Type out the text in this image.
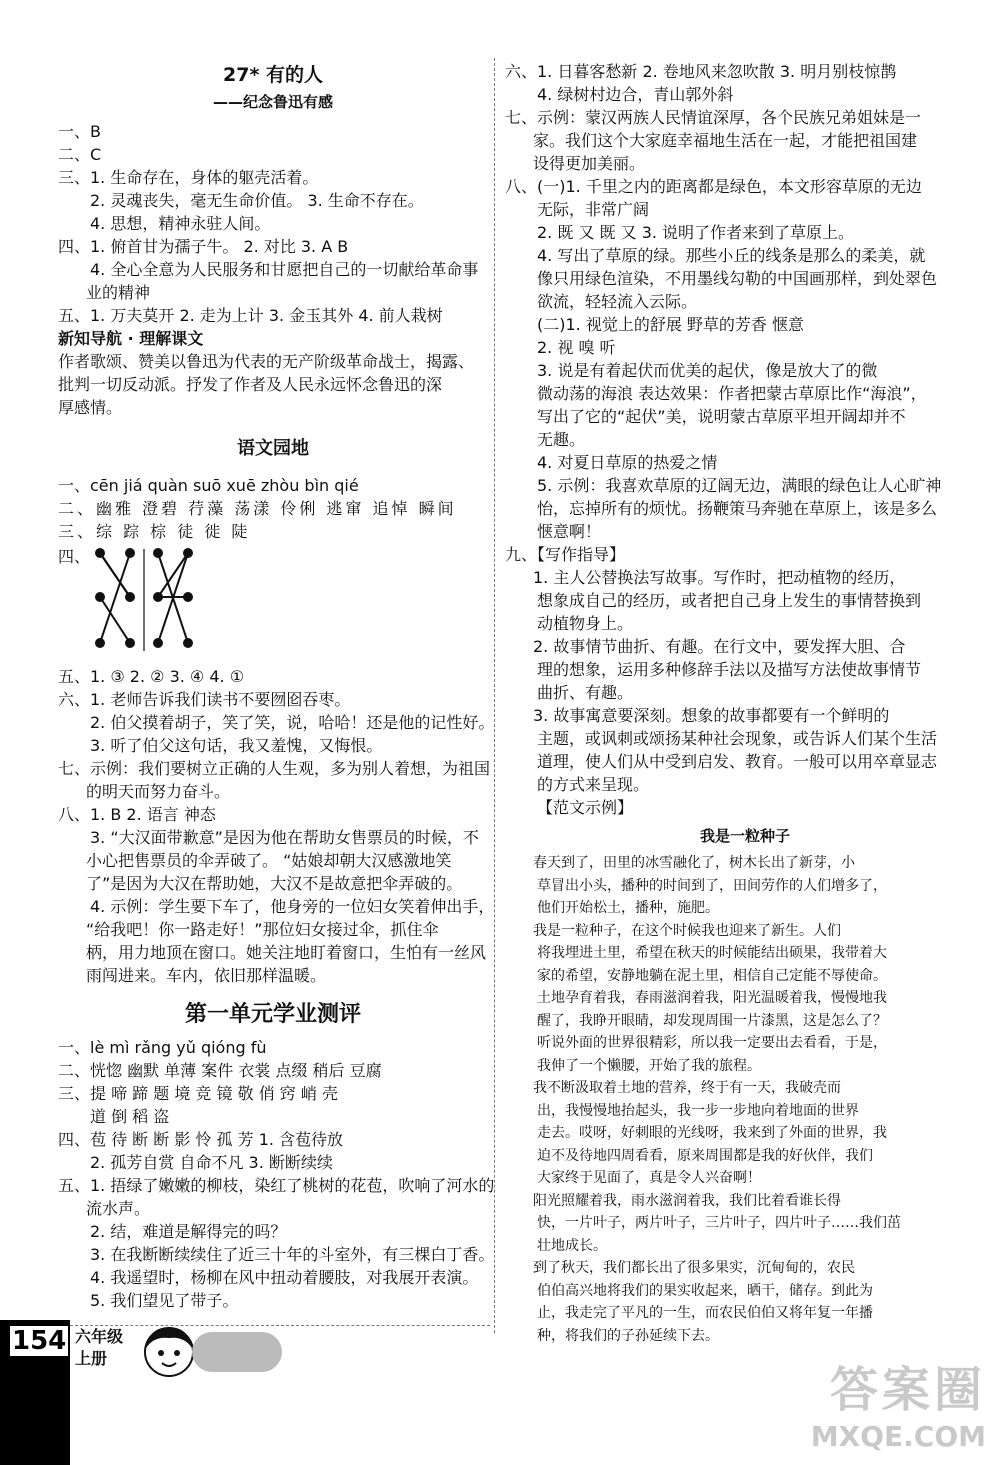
27* 有的人
——纪念鲁迅有感
一、B
二、C
三、1. 生命存在，身体的躯壳活着。
2. 灵魂丧失，毫无生命价值。 3. 生命不存在。
4. 思想，精神永驻人间。
四、1. 俯首甘为孺子牛。 2. 对比 3. A B
4. 全心全意为人民服务和甘愿把自己的一切献给革命事
业的精神
五、1. 万夫莫开 2. 走为上计 3. 金玉其外 4. 前人栽树
新知导航 · 理解课文
作者歌颂、赞美以鲁迅为代表的无产阶级革命战士，揭露、
批判一切反动派。抒发了作者及人民永远怀念鲁迅的深
厚感情。
语文园地
一、cēn jiá quàn suō xuē zhòu bìn qié
二、幽雅 澄碧 荇藻 荡漾 伶俐 逃窜 追悼 瞬间
三、综 踪 棕 徒 徙 陡
四、
五、1. ③ 2. ② 3. ④ 4. ①
六、1. 老师告诉我们读书不要囫囵吞枣。
2. 伯父摸着胡子，笑了笑，说，哈哈！还是他的记性好。
3. 听了伯父这句话，我又羞愧，又悔恨。
七、示例：我们要树立正确的人生观，多为别人着想，为祖国
的明天而努力奋斗。
八、1. B 2. 语言 神态
3. “大汉面带歉意”是因为他在帮助女售票员的时候，不
小心把售票员的伞弄破了。 “姑娘却朝大汉感激地笑
了”是因为大汉在帮助她，大汉不是故意把伞弄破的。
4. 示例：学生要下车了，他身旁的一位妇女笑着伸出手，
“给我吧！你一路走好！”那位妇女接过伞，抓住伞
柄，用力地顶在窗口。她关注地盯着窗口，生怕有一丝风
雨闯进来。车内，依旧那样温暖。
第一单元学业测评
一、lè mì rǎng yǔ qióng fù
二、恍惚 幽默 单薄 案件 衣裳 点缀 稍后 豆腐
三、提 啼 蹄 题 境 竞 镜 敬 俏 窍 峭 壳
道 倒 稻 盗
四、苞 待 断 断 影 怜 孤 芳 1. 含苞待放
2. 孤芳自赏 自命不凡 3. 断断续续
五、1. 捂绿了嫩嫩的柳枝，染红了桃树的花苞，吹响了河水的
流水声。
2. 结，难道是解得完的吗？
3. 在我断断续续住了近三十年的斗室外，有三棵白丁香。
4. 我遥望时，杨柳在风中扭动着腰肢，对我展开表演。
5. 我们望见了带子。
六、1. 日暮客愁新 2. 卷地风来忽吹散 3. 明月别枝惊鹊
4. 绿树村边合，青山郭外斜
七、示例：蒙汉两族人民情谊深厚，各个民族兄弟姐妹是一
家。我们这个大家庭幸福地生活在一起，才能把祖国建
设得更加美丽。
八、(一)1. 千里之内的距离都是绿色，本文形容草原的无边
无际，非常广阔
2. 既 又 既 又 3. 说明了作者来到了草原上。
4. 写出了草原的绿。那些小丘的线条是那么的柔美，就
像只用绿色渲染，不用墨线勾勒的中国画那样，到处翠色
欲流，轻轻流入云际。
(二)1. 视觉上的舒展 野草的芳香 惬意
2. 视 嗅 听
3. 说是有着起伏而优美的起伏，像是放大了的微
微动荡的海浪 表达效果：作者把蒙古草原比作“海浪”，
写出了它的“起伏”美，说明蒙古草原平坦开阔却并不
无趣。
4. 对夏日草原的热爱之情
5. 示例：我喜欢草原的辽阔无边，满眼的绿色让人心旷神
怡，忘掉所有的烦忧。扬鞭策马奔驰在草原上，该是多么
惬意啊！
九、【写作指导】
1. 主人公替换法写故事。写作时，把动植物的经历，
想象成自己的经历，或者把自己身上发生的事情替换到
动植物身上。
2. 故事情节曲折、有趣。在行文中，要发挥大胆、合
理的想象，运用多种修辞手法以及描写方法使故事情节
曲折、有趣。
3. 故事寓意要深刻。想象的故事都要有一个鲜明的
主题，或讽刺或颂扬某种社会现象，或告诉人们某个生活
道理，使人们从中受到启发、教育。一般可以用卒章显志
的方式来呈现。
【范文示例】
我是一粒种子
春天到了，田里的冰雪融化了，树木长出了新芽，小
草冒出小头，播种的时间到了，田间劳作的人们增多了，
他们开始松土，播种，施肥。
我是一粒种子，在这个时候我也迎来了新生。人们
将我埋进土里，希望在秋天的时候能结出硕果，我带着大
家的希望，安静地躺在泥土里，相信自己定能不辱使命。
土地孕育着我，春雨滋润着我，阳光温暖着我，慢慢地我
醒了，我睁开眼睛，却发现周围一片漆黑，这是怎么了？
听说外面的世界很精彩，所以我一定要出去看看，于是，
我伸了一个懒腰，开始了我的旅程。
我不断汲取着土地的营养，终于有一天，我破壳而
出，我慢慢地抬起头，我一步一步地向着地面的世界
走去。哎呀，好刺眼的光线呀，我来到了外面的世界，我
迫不及待地四周看看，原来周围都是我的好伙伴，我们
大家终于见面了，真是令人兴奋啊！
阳光照耀着我，雨水滋润着我，我们比着看谁长得
快，一片叶子，两片叶子，三片叶子，四片叶子……我们茁
壮地成长。
到了秋天，我们都长出了很多果实，沉甸甸的，农民
伯伯高兴地将我们的果实收起来，晒干，储存。到此为
止，我走完了平凡的一生，而农民伯伯又将年复一年播
种，将我们的子孙延续下去。
154 六年级
上册
答案圈
MXQE.COM
